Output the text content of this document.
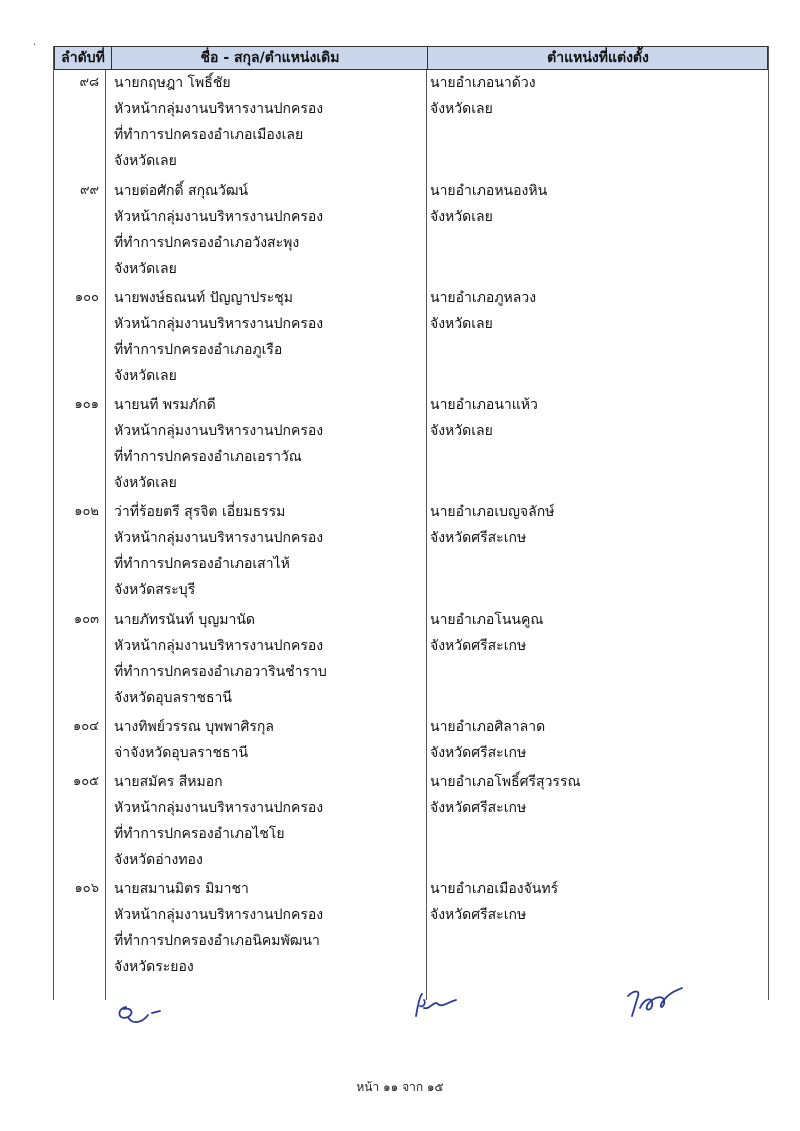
·
ลำดับที่	ชื่อ - สกุล/ตำแหน่งเดิม	ตำแหน่งที่แต่งตั้ง
๙๘ นายกฤษฎา โพธิ์ชัย
หัวหน้ากลุ่มงานบริหารงานปกครอง
ที่ทำการปกครองอำเภอเมืองเลย
จังหวัดเลย
นายอำเภอนาด้วง
จังหวัดเลย
๙๙ นายต่อศักดิ์ สกุณวัฒน์
หัวหน้ากลุ่มงานบริหารงานปกครอง
ที่ทำการปกครองอำเภอวังสะพุง
จังหวัดเลย
นายอำเภอหนองหิน
จังหวัดเลย
๑๐๐ นายพงษ์ธณนท์ ปัญญาประชุม
หัวหน้ากลุ่มงานบริหารงานปกครอง
ที่ทำการปกครองอำเภอภูเรือ
จังหวัดเลย
นายอำเภอภูหลวง
จังหวัดเลย
๑๐๑ นายนที พรมภักดี
หัวหน้ากลุ่มงานบริหารงานปกครอง
ที่ทำการปกครองอำเภอเอราวัณ
จังหวัดเลย
นายอำเภอนาแห้ว
จังหวัดเลย
๑๐๒ ว่าที่ร้อยตรี สุรจิต เอี่ยมธรรม
หัวหน้ากลุ่มงานบริหารงานปกครอง
ที่ทำการปกครองอำเภอเสาไห้
จังหวัดสระบุรี
นายอำเภอเบญจลักษ์
จังหวัดศรีสะเกษ
๑๐๓ นายภัทรนันท์ บุญมานัด
หัวหน้ากลุ่มงานบริหารงานปกครอง
ที่ทำการปกครองอำเภอวารินชำราบ
จังหวัดอุบลราชธานี
นายอำเภอโนนคูณ
จังหวัดศรีสะเกษ
๑๐๔ นางทิพย์วรรณ บุพพาศิรกุล
จ่าจังหวัดอุบลราชธานี
นายอำเภอศิลาลาด
จังหวัดศรีสะเกษ
๑๐๕ นายสมัคร สีหมอก
หัวหน้ากลุ่มงานบริหารงานปกครอง
ที่ทำการปกครองอำเภอไชโย
จังหวัดอ่างทอง
นายอำเภอโพธิ์ศรีสุวรรณ
จังหวัดศรีสะเกษ
๑๐๖ นายสมานมิตร มิมาชา
หัวหน้ากลุ่มงานบริหารงานปกครอง
ที่ทำการปกครองอำเภอนิคมพัฒนา
จังหวัดระยอง
นายอำเภอเมืองจันทร์
จังหวัดศรีสะเกษ
หน้า ๑๑ จาก ๑๕
